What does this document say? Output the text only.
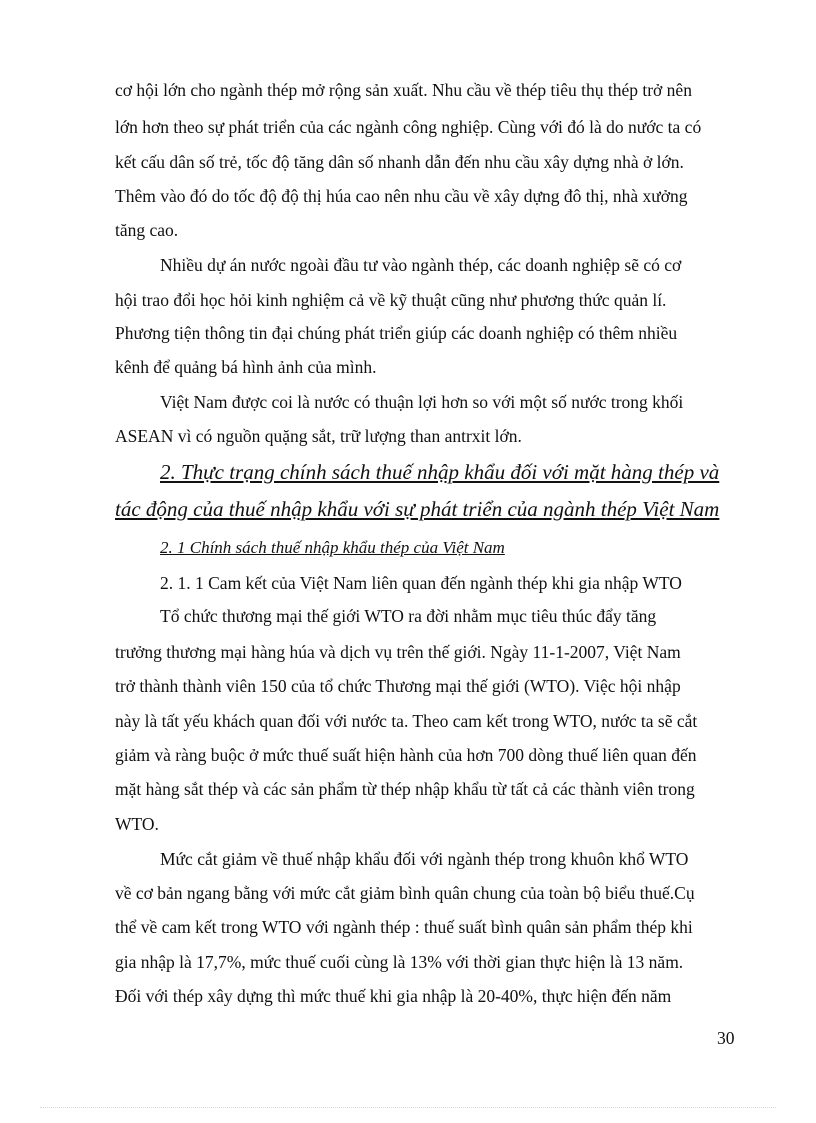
cơ hội lớn cho ngành thép mở rộng sản xuất. Nhu cầu về thép tiêu thụ thép trở nên
lớn hơn theo sự phát triển của các ngành công nghiệp. Cùng với đó là do nước ta có
kết cấu dân số trẻ, tốc độ tăng dân số nhanh dẫn đến nhu cầu xây dựng nhà ở lớn.
Thêm vào đó do tốc độ độ thị húa cao nên nhu cầu về xây dựng đô thị, nhà xưởng
tăng cao.
Nhiều dự án nước ngoài đầu tư vào ngành thép, các doanh nghiệp sẽ có cơ
hội trao đổi học hỏi kinh nghiệm cả về kỹ thuật cũng như phương thức quản lí.
Phương tiện thông tin đại chúng phát triển giúp các doanh nghiệp có thêm nhiều
kênh để quảng bá hình ảnh của mình.
Việt Nam được coi là nước có thuận lợi hơn so với một số nước trong khối
ASEAN vì có nguồn quặng sắt, trữ lượng than antrxit lớn.
2. Thực trạng chính sách thuế nhập khẩu đối với mặt hàng thép và
tác động của thuế nhập khẩu với sự phát triển của ngành thép Việt Nam
2. 1 Chính sách thuế nhập khẩu thép của Việt Nam
2. 1. 1 Cam kết của Việt Nam liên quan đến ngành thép khi gia nhập WTO
Tổ chức thương mại thế giới WTO ra đời nhằm mục tiêu thúc đẩy tăng
trưởng thương mại hàng húa và dịch vụ trên thế giới. Ngày 11-1-2007, Việt Nam
trở thành thành viên 150 của tổ chức Thương mại thế giới (WTO). Việc hội nhập
này là tất yếu khách quan đối với nước ta. Theo cam kết trong WTO, nước ta sẽ cắt
giảm và ràng buộc ở mức thuế suất hiện hành của hơn 700 dòng thuế liên quan đến
mặt hàng sắt thép và các sản phẩm từ thép nhập khẩu từ tất cả các thành viên trong
WTO.
Mức cắt giảm về thuế nhập khẩu đối với ngành thép trong khuôn khổ WTO
về cơ bản ngang bằng với mức cắt giảm bình quân chung của toàn bộ biểu thuế.Cụ
thể về cam kết trong WTO với ngành thép : thuế suất bình quân sản phẩm thép khi
gia nhập là 17,7%, mức thuế cuối cùng là 13% với thời gian thực hiện là 13 năm.
Đối với thép xây dựng thì mức thuế khi gia nhập là 20-40%, thực hiện đến năm
30
